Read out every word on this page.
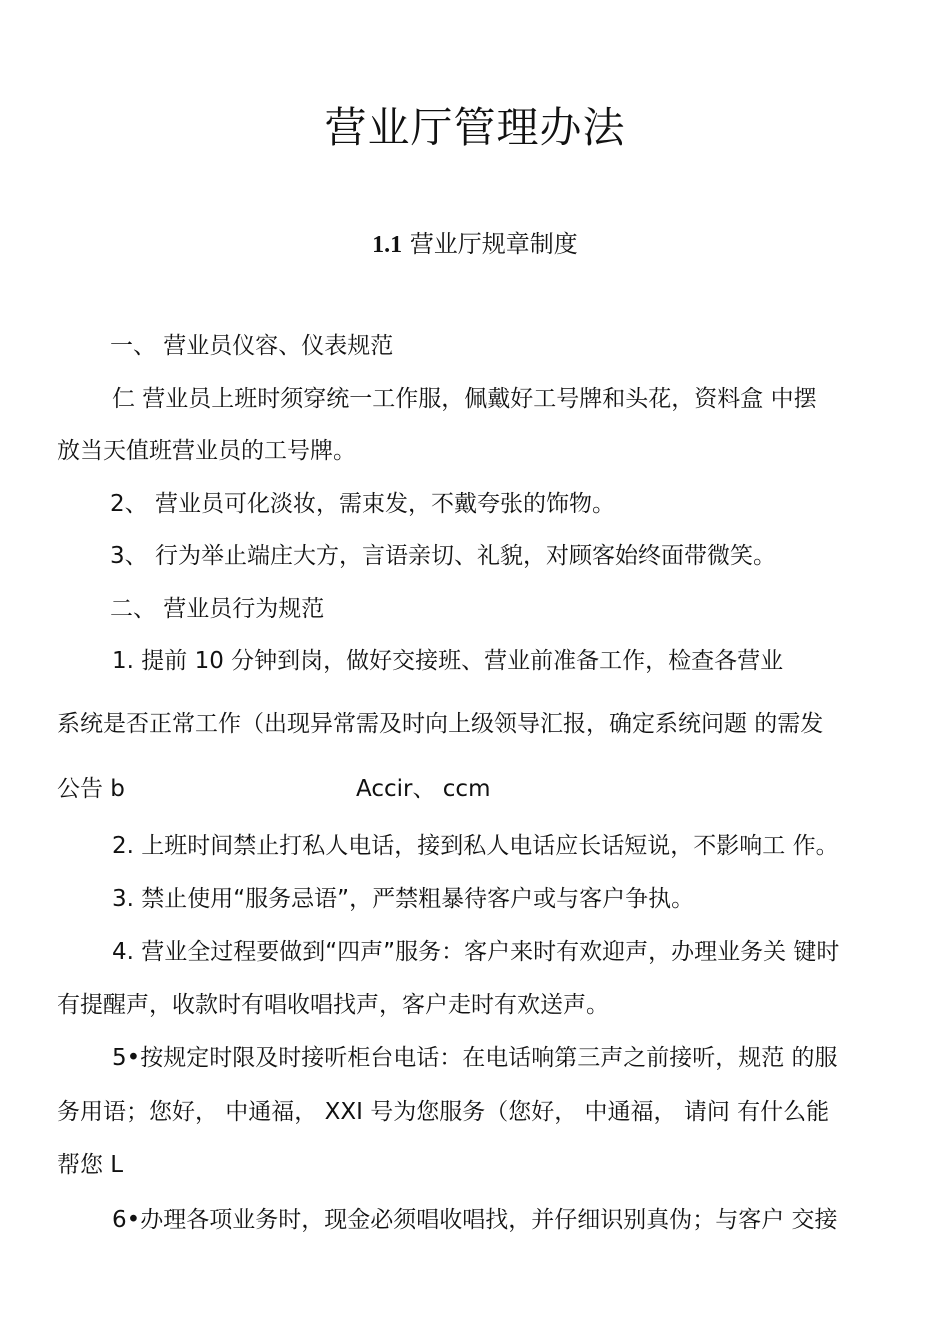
营业厅管理办法
1.1 营业厅规章制度
一、 营业员仪容、仪表规范
仁 营业员上班时须穿统一工作服，佩戴好工号牌和头花，资料盒 中摆
放当天值班营业员的工号牌。
2、 营业员可化淡妆，需束发，不戴夸张的饰物。
3、 行为举止端庄大方，言语亲切、礼貌，对顾客始终面带微笑。
二、 营业员行为规范
1. 提前 10 分钟到岗，做好交接班、营业前准备工作，检查各营业
系统是否正常工作（出现异常需及时向上级领导汇报，确定系统问题 的需发
公告 b	Accir、 ccm
2. 上班时间禁止打私人电话，接到私人电话应长话短说，不影响工 作。
3. 禁止使用“服务忌语”，严禁粗暴待客户或与客户争执。
4. 营业全过程要做到“四声”服务：客户来时有欢迎声，办理业务关 键时
有提醒声，收款时有唱收唱找声，客户走时有欢送声。
5•按规定时限及时接听柜台电话：在电话响第三声之前接听，规范 的服
务用语；您好， 中通福， XXI 号为您服务（您好， 中通福， 请问 有什么能
帮您 L
6•办理各项业务时，现金必须唱收唱找，并仔细识别真伪；与客户 交接
